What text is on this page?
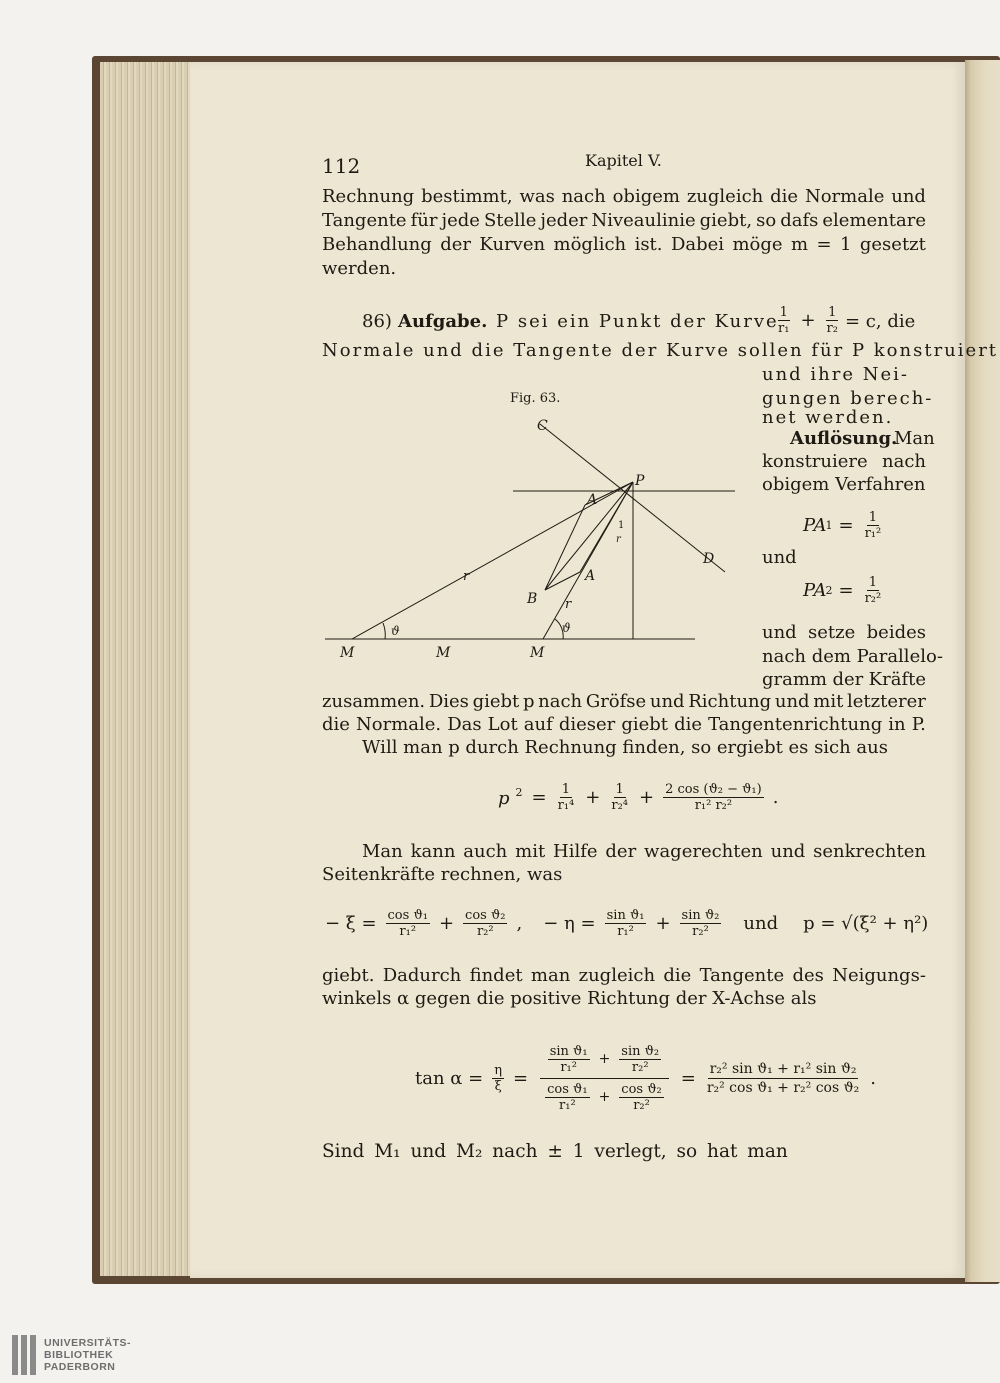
112	Kapitel V.
Rechnung bestimmt, was nach obigem zugleich die Normale und
Tangente für jede Stelle jeder Niveaulinie giebt, so dafs elementare
Behandlung der Kurven möglich ist. Dabei möge m = 1 gesetzt
werden.
86) Aufgabe. P sei ein Punkt der Kurve
$\frac{1}{\text{r₁}} + \frac{1}{\text{r₂}} = c$, die
Normale und die Tangente der Kurve sollen für P konstruiert
und ihre Nei-
gungen berech-
net werden.
Fig. 63.
C
P
D
A
A
B
r
r
1
r
ϑ	ϑ
M	M	M
Auflösung.
Man
konstruiere nach
obigem Verfahren
PA $1 = \frac{1}{\text{r₁²}}$
und
PA $2 = \frac{1}{\text{r₂²}}$
und setze beides
nach dem Parallelo-
gramm der Kräfte
zusammen. Dies giebt p nach Gröfse und Richtung und mit letzterer
die Normale. Das Lot auf dieser giebt die Tangentenrichtung in P.
Will man p durch Rechnung finden, so ergiebt es sich aus
p $^2 = \frac{1}{\text{r₁⁴}} + \frac{1}{\text{r₂⁴}} + \frac{\text{2 cos (ϑ₂ − ϑ₁)}}{\text{r₁² r₂²}}$ .
Man kann auch mit Hilfe der wagerechten und senkrechten
Seitenkräfte rechnen, was
− $\xi = \frac{\text{cos ϑ₁}}{\text{r₁²}} + \frac{\text{cos ϑ₂}}{\text{r₂²}}$ , − $\eta = \frac{\text{sin ϑ₁}}{\text{r₁²}} + \frac{\text{sin ϑ₂}}{\text{r₂²}}$ und p = √(ξ² + η²)
giebt. Dadurch findet man zugleich die Tangente des Neigungs-
winkels α gegen die positive Richtung der X-Achse als
$\tan \alpha = \frac{\eta}{\xi} = \frac{\frac{\text{sin ϑ₁}}{\text{r₁²}} + \frac{\text{sin ϑ₂}}{\text{r₂²}}}{\frac{\text{cos ϑ₁}}{\text{r₁²}} + \frac{\text{cos ϑ₂}}{\text{r₂²}}} = \frac{\text{r₂² sin ϑ₁ + r₁² sin ϑ₂}}{\text{r₂² cos ϑ₁ + r₂² cos ϑ₂}}$ .
Sind M₁ und M₂ nach ± 1 verlegt, so hat man
UNIVERSITÄTS-
BIBLIOTHEK
PADERBORN
